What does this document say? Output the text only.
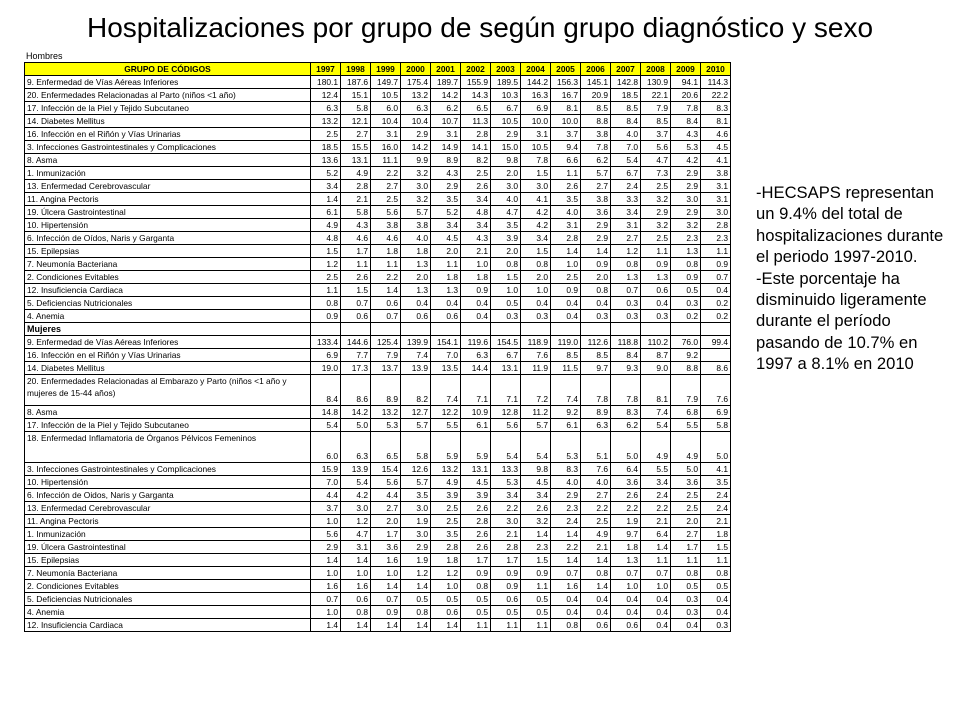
Hospitalizaciones por grupo de según grupo diagnóstico y sexo
Hombres
GRUPO DE CÓDIGOS	1997	1998	1999	2000	2001	2002	2003	2004	2005	2006	2007	2008	2009	2010
9. Enfermedad de Vías Aéreas Inferiores	180.1	187.6	149.7	175.4	189.7	155.9	189.5	144.2	156.3	145.1	142.8	130.9	94.1	114.3
20. Enfermedades Relacionadas al Parto (niños <1 año)	12.4	15.1	10.5	13.2	14.2	14.3	10.3	16.3	16.7	20.9	18.5	22.1	20.6	22.2
17. Infección de la Piel y Tejido Subcutaneo	6.3	5.8	6.0	6.3	6.2	6.5	6.7	6.9	8.1	8.5	8.5	7.9	7.8	8.3
14. Diabetes Mellitus	13.2	12.1	10.4	10.4	10.7	11.3	10.5	10.0	10.0	8.8	8.4	8.5	8.4	8.1
16. Infección en el Riñón y Vías Urinarias	2.5	2.7	3.1	2.9	3.1	2.8	2.9	3.1	3.7	3.8	4.0	3.7	4.3	4.6
3. Infecciones Gastrointestinales y Complicaciones	18.5	15.5	16.0	14.2	14.9	14.1	15.0	10.5	9.4	7.8	7.0	5.6	5.3	4.5
8. Asma	13.6	13.1	11.1	9.9	8.9	8.2	9.8	7.8	6.6	6.2	5.4	4.7	4.2	4.1
1. Inmunización	5.2	4.9	2.2	3.2	4.3	2.5	2.0	1.5	1.1	5.7	6.7	7.3	2.9	3.8
13. Enfermedad Cerebrovascular	3.4	2.8	2.7	3.0	2.9	2.6	3.0	3.0	2.6	2.7	2.4	2.5	2.9	3.1
11. Angina Pectoris	1.4	2.1	2.5	3.2	3.5	3.4	4.0	4.1	3.5	3.8	3.3	3.2	3.0	3.1
19. Úlcera Gastrointestinal	6.1	5.8	5.6	5.7	5.2	4.8	4.7	4.2	4.0	3.6	3.4	2.9	2.9	3.0
10. Hipertensión	4.9	4.3	3.8	3.8	3.4	3.4	3.5	4.2	3.1	2.9	3.1	3.2	3.2	2.8
6. Infección de Oídos, Naris y Garganta	4.8	4.6	4.6	4.0	4.5	4.3	3.9	3.4	2.8	2.9	2.7	2.5	2.3	2.3
15. Epilepsias	1.5	1.7	1.8	1.8	2.0	2.1	2.0	1.5	1.4	1.4	1.2	1.1	1.3	1.1
7. Neumonía Bacteriana	1.2	1.1	1.1	1.3	1.1	1.0	0.8	0.8	1.0	0.9	0.8	0.9	0.8	0.9
2. Condiciones Evitables	2.5	2.6	2.2	2.0	1.8	1.8	1.5	2.0	2.5	2.0	1.3	1.3	0.9	0.7
12. Insuficiencia Cardiaca	1.1	1.5	1.4	1.3	1.3	0.9	1.0	1.0	0.9	0.8	0.7	0.6	0.5	0.4
5. Deficiencias Nutricionales	0.8	0.7	0.6	0.4	0.4	0.4	0.5	0.4	0.4	0.4	0.3	0.4	0.3	0.2
4. Anemia	0.9	0.6	0.7	0.6	0.6	0.4	0.3	0.3	0.4	0.3	0.3	0.3	0.2	0.2
Mujeres														
9. Enfermedad de Vías Aéreas Inferiores	133.4	144.6	125.4	139.9	154.1	119.6	154.5	118.9	119.0	112.6	118.8	110.2	76.0	99.4
16. Infección en el Riñón y Vías Urinarias	6.9	7.7	7.9	7.4	7.0	6.3	6.7	7.6	8.5	8.5	8.4	8.7	9.2	
14. Diabetes Mellitus	19.0	17.3	13.7	13.9	13.5	14.4	13.1	11.9	11.5	9.7	9.3	9.0	8.8	8.6
20. Enfermedades Relacionadas al Embarazo y Parto (niños <1 año y mujeres de 15-44 años)	8.4	8.6	8.9	8.2	7.4	7.1	7.1	7.2	7.4	7.8	7.8	8.1	7.9	7.6
8. Asma	14.8	14.2	13.2	12.7	12.2	10.9	12.8	11.2	9.2	8.9	8.3	7.4	6.8	6.9
17. Infección de la Piel y Tejido Subcutaneo	5.4	5.0	5.3	5.7	5.5	6.1	5.6	5.7	6.1	6.3	6.2	5.4	5.5	5.8
18. Enfermedad Inflamatoria de Órganos Pélvicos Femeninos	6.0	6.3	6.5	5.8	5.9	5.9	5.4	5.4	5.3	5.1	5.0	4.9	4.9	5.0
3. Infecciones Gastrointestinales y Complicaciones	15.9	13.9	15.4	12.6	13.2	13.1	13.3	9.8	8.3	7.6	6.4	5.5	5.0	4.1
10. Hipertensión	7.0	5.4	5.6	5.7	4.9	4.5	5.3	4.5	4.0	4.0	3.6	3.4	3.6	3.5
6. Infección de Oidos, Naris y Garganta	4.4	4.2	4.4	3.5	3.9	3.9	3.4	3.4	2.9	2.7	2.6	2.4	2.5	2.4
13. Enfermedad Cerebrovascular	3.7	3.0	2.7	3.0	2.5	2.6	2.2	2.6	2.3	2.2	2.2	2.2	2.5	2.4
11. Angina Pectoris	1.0	1.2	2.0	1.9	2.5	2.8	3.0	3.2	2.4	2.5	1.9	2.1	2.0	2.1
1. Inmunización	5.6	4.7	1.7	3.0	3.5	2.6	2.1	1.4	1.4	4.9	9.7	6.4	2.7	1.8
19. Úlcera Gastrointestinal	2.9	3.1	3.6	2.9	2.8	2.6	2.8	2.3	2.2	2.1	1.8	1.4	1.7	1.5
15. Epilepsias	1.4	1.4	1.6	1.9	1.8	1.7	1.7	1.5	1.4	1.4	1.3	1.1	1.1	1.1
7. Neumonía Bacteriana	1.0	1.0	1.0	1.2	1.2	0.9	0.9	0.9	0.7	0.8	0.7	0.7	0.8	0.8
2. Condiciones Evitables	1.6	1.6	1.4	1.4	1.0	0.8	0.9	1.1	1.6	1.4	1.0	1.0	0.5	0.5
5. Deficiencias Nutricionales	0.7	0.6	0.7	0.5	0.5	0.5	0.6	0.5	0.4	0.4	0.4	0.4	0.3	0.4
4. Anemia	1.0	0.8	0.9	0.8	0.6	0.5	0.5	0.5	0.4	0.4	0.4	0.4	0.3	0.4
12. Insuficiencia Cardiaca	1.4	1.4	1.4	1.4	1.4	1.1	1.1	1.1	0.8	0.6	0.6	0.4	0.4	0.3

-HECSAPS representan un 9.4% del total de hospitalizaciones durante el periodo 1997-2010.

-Este porcentaje ha disminuido ligeramente durante el período pasando de 10.7% en 1997 a 8.1% en 2010
